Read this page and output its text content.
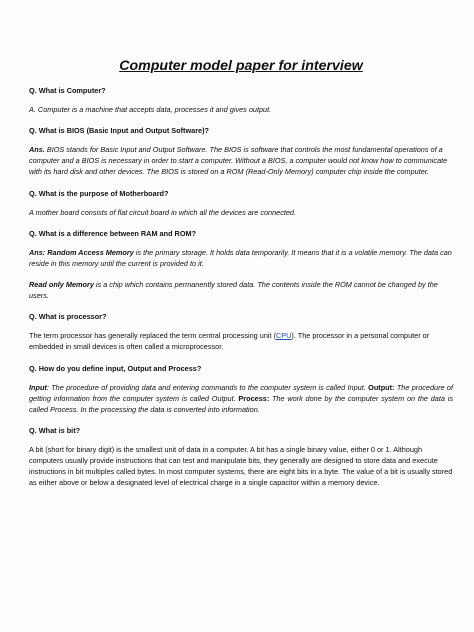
Computer model paper for interview
Q. What is Computer?
A. Computer is a machine that accepts data, processes it and gives output.
Q. What is BIOS (Basic Input and Output Software)?
Ans. BIOS stands for Basic Input and Output Software. The BIOS is software that controls the most fundamental operations of a computer and a BIOS is necessary in order to start a computer. Without a BIOS, a computer would not know how to communicate with its hard disk and other devices. The BIOS is stored on a ROM (Read-Only Memory) computer chip inside the computer.
Q. What is the purpose of Motherboard?
A mother board consists of flat circuit board in which all the devices are connected.
Q. What is a difference between RAM and ROM?
Ans: Random Access Memory is the primary storage. It holds data temporarily. It means that it is a volatile memory. The data can reside in this memory until the current is provided to it.
Read only Memory is a chip which contains permanently stored data. The contents inside the ROM cannot be changed by the users.
Q. What is processor?
The term processor has generally replaced the term central processing unit (CPU). The processor in a personal computer or embedded in small devices is often called a microprocessor.
Q. How do you define input, Output and Process?
Input: The procedure of providing data and entering commands to the computer system is called Input. Output: The procedure of getting information from the computer system is called Output. Process: The work done by the computer system on the data is called Process. In the processing the data is converted into information.
Q. What is bit?
A bit (short for binary digit) is the smallest unit of data in a computer. A bit has a single binary value, either 0 or 1. Although computers usually provide instructions that can test and manipulate bits, they generally are designed to store data and execute instructions in bit multiples called bytes. In most computer systems, there are eight bits in a byte. The value of a bit is usually stored as either above or below a designated level of electrical charge in a single capacitor within a memory device.
